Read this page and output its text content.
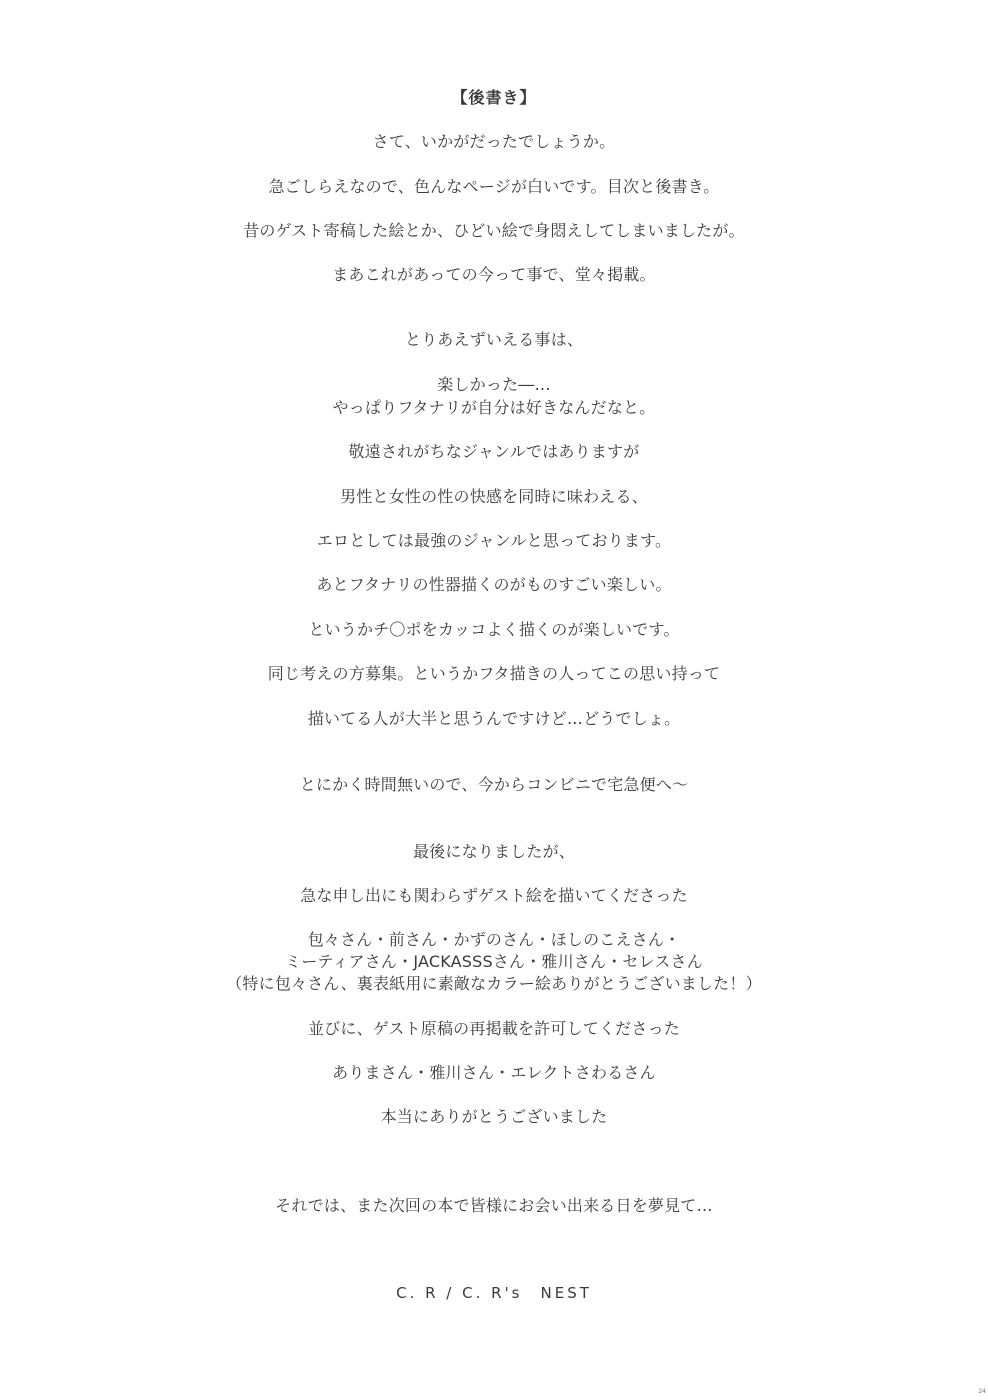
【後書き】
さて、いかがだったでしょうか。
急ごしらえなので、色んなページが白いです。目次と後書き。
昔のゲスト寄稿した絵とか、ひどい絵で身悶えしてしまいましたが。
まあこれがあっての今って事で、堂々掲載。
とりあえずいえる事は、
楽しかった―…
やっぱりフタナリが自分は好きなんだなと。
敬遠されがちなジャンルではありますが
男性と女性の性の快感を同時に味わえる、
エロとしては最強のジャンルと思っております。
あとフタナリの性器描くのがものすごい楽しい。
というかチ〇ポをカッコよく描くのが楽しいです。
同じ考えの方募集。というかフタ描きの人ってこの思い持って
描いてる人が大半と思うんですけど…どうでしょ。
とにかく時間無いので、今からコンビニで宅急便へ～
最後になりましたが、
急な申し出にも関わらずゲスト絵を描いてくださった
包々さん・前さん・かずのさん・ほしのこえさん・
ミーティアさん・JACKASSSさん・雅川さん・セレスさん
（特に包々さん、裏表紙用に素敵なカラー絵ありがとうございました！）
並びに、ゲスト原稿の再掲載を許可してくださった
ありまさん・雅川さん・エレクトさわるさん
本当にありがとうございました
それでは、また次回の本で皆様にお会い出来る日を夢見て…
C. R / C. R's　NEST
24
